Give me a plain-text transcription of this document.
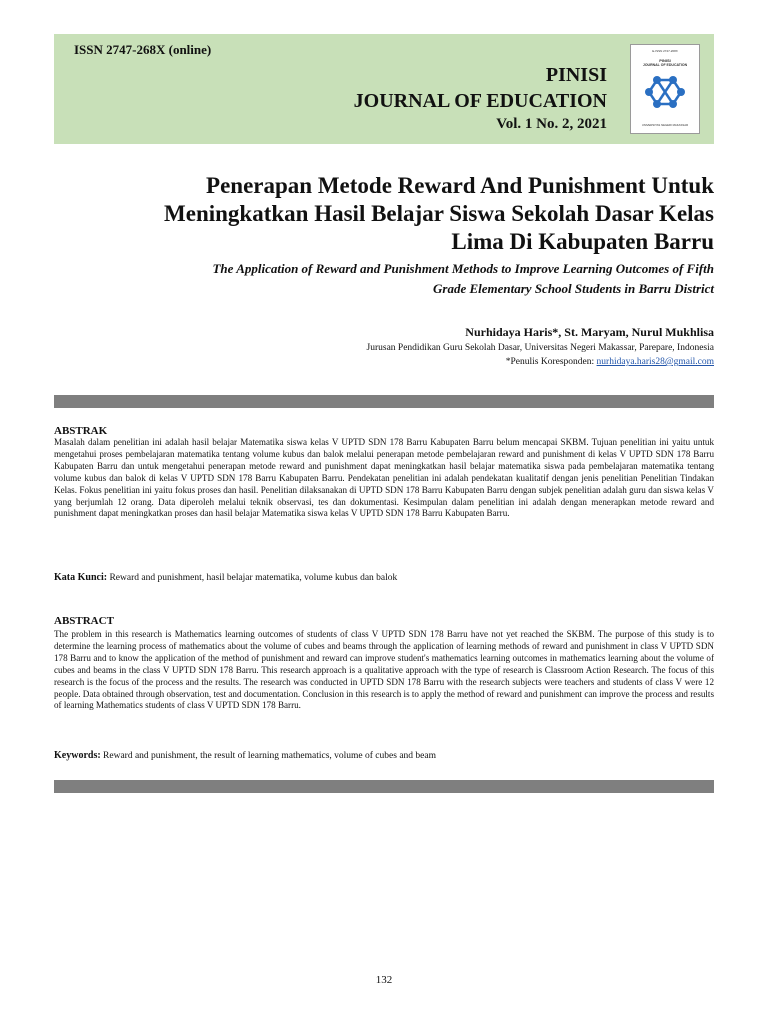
ISSN 2747-268X (online)
PINISI
JOURNAL OF EDUCATION
Vol. 1 No. 2, 2021
E-ISSN 2747-268X
PINISI
JOURNAL OF EDUCATION
UNIVERSITAS NEGERI MAKASSAR
Penerapan Metode Reward And Punishment Untuk
Meningkatkan Hasil Belajar Siswa Sekolah Dasar Kelas
Lima Di Kabupaten Barru
The Application of Reward and Punishment Methods to Improve Learning Outcomes of Fifth
Grade Elementary School Students in Barru District
Nurhidaya Haris*, St. Maryam, Nurul Mukhlisa
Jurusan Pendidikan Guru Sekolah Dasar, Universitas Negeri Makassar, Parepare, Indonesia
*Penulis Koresponden: nurhidaya.haris28@gmail.com
ABSTRAK
Masalah dalam penelitian ini adalah hasil belajar Matematika siswa kelas V UPTD SDN 178 Barru Kabupaten Barru belum mencapai SKBM. Tujuan penelitian ini yaitu untuk mengetahui proses pembelajaran matematika tentang volume kubus dan balok melalui penerapan metode pembelajaran reward and punishment di kelas V UPTD SDN 178 Barru Kabupaten Barru dan untuk mengetahui penerapan metode reward and punishment dapat meningkatkan hasil belajar matematika siswa pada pembelajaran matematika tentang volume kubus dan balok di kelas V UPTD SDN 178 Barru Kabupaten Barru. Pendekatan penelitian ini adalah pendekatan kualitatif dengan jenis penelitian Penelitian Tindakan Kelas. Fokus penelitian ini yaitu fokus proses dan hasil. Penelitian dilaksanakan di UPTD SDN 178 Barru Kabupaten Barru dengan subjek penelitian adalah guru dan siswa kelas V yang berjumlah 12 orang. Data diperoleh melalui teknik observasi, tes dan dokumentasi. Kesimpulan dalam penelitian ini adalah dengan menerapkan metode reward and punishment dapat meningkatkan proses dan hasil belajar Matematika siswa kelas V UPTD SDN 178 Barru Kabupaten Barru.
Kata Kunci: Reward and punishment, hasil belajar matematika, volume kubus dan balok
ABSTRACT
The problem in this research is Mathematics learning outcomes of students of class V UPTD SDN 178 Barru have not yet reached the SKBM. The purpose of this study is to determine the learning process of mathematics about the volume of cubes and beams through the application of learning methods of reward and punishment in class V UPTD SDN 178 Barru and to know the application of the method of punishment and reward can improve student's mathematics learning outcomes in mathematics learning about the volume of cubes and beams in the class V UPTD SDN 178 Barru. This research approach is a qualitative approach with the type of research is Classroom Action Research. The focus of this research is the focus of the process and the results. The research was conducted in UPTD SDN 178 Barru with the research subjects were teachers and students of class V were 12 people. Data obtained through observation, test and documentation. Conclusion in this research is to apply the method of reward and punishment can improve the process and results of learning Mathematics students of class V UPTD SDN 178 Barru.
Keywords: Reward and punishment, the result of learning mathematics, volume of cubes and beam
132
